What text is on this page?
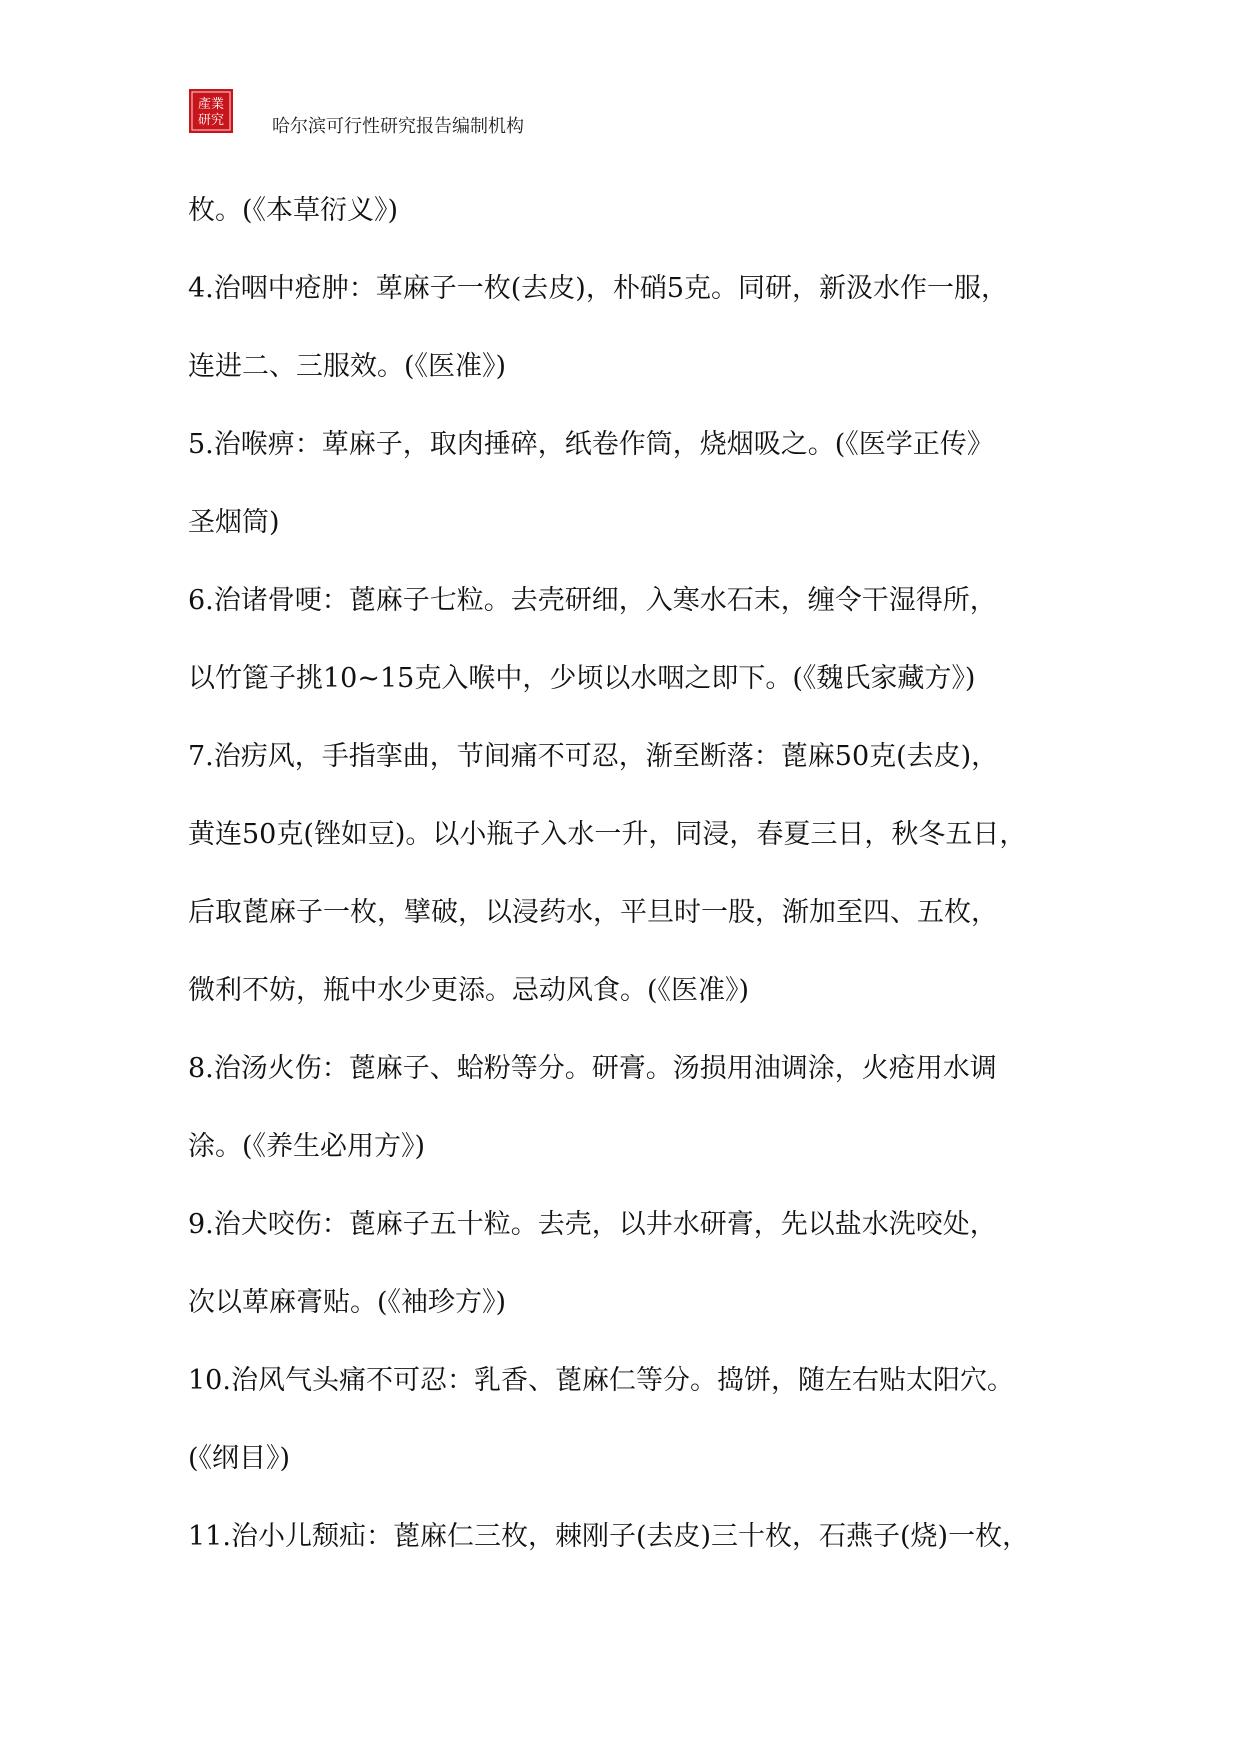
產業
研究	哈尔滨可行性研究报告编制机构
枚。(《本草衍义》)
4.治咽中疮肿：萆麻子一枚(去皮)，朴硝5克。同研，新汲水作一服，
连进二、三服效。(《医准》)
5.治喉痹：萆麻子，取肉捶碎，纸卷作筒，烧烟吸之。(《医学正传》
圣烟筒)
6.治诸骨哽：蓖麻子七粒。去壳研细，入寒水石末，缠令干湿得所，
以竹篦子挑10~15克入喉中，少顷以水咽之即下。(《魏氏家藏方》)
7.治疠风，手指挛曲，节间痛不可忍，渐至断落：蓖麻50克(去皮)，
黄连50克(锉如豆)。以小瓶子入水一升，同浸，春夏三日，秋冬五日，
后取蓖麻子一枚，擘破，以浸药水，平旦时一股，渐加至四、五枚，
微利不妨，瓶中水少更添。忌动风食。(《医准》)
8.治汤火伤：蓖麻子、蛤粉等分。研膏。汤损用油调涂，火疮用水调
涂。(《养生必用方》)
9.治犬咬伤：蓖麻子五十粒。去壳，以井水研膏，先以盐水洗咬处，
次以萆麻膏贴。(《袖珍方》)
10.治风气头痛不可忍：乳香、蓖麻仁等分。捣饼，随左右贴太阳穴。
(《纲目》)
11.治小儿颓疝：蓖麻仁三枚，棘刚子(去皮)三十枚，石燕子(烧)一枚，
